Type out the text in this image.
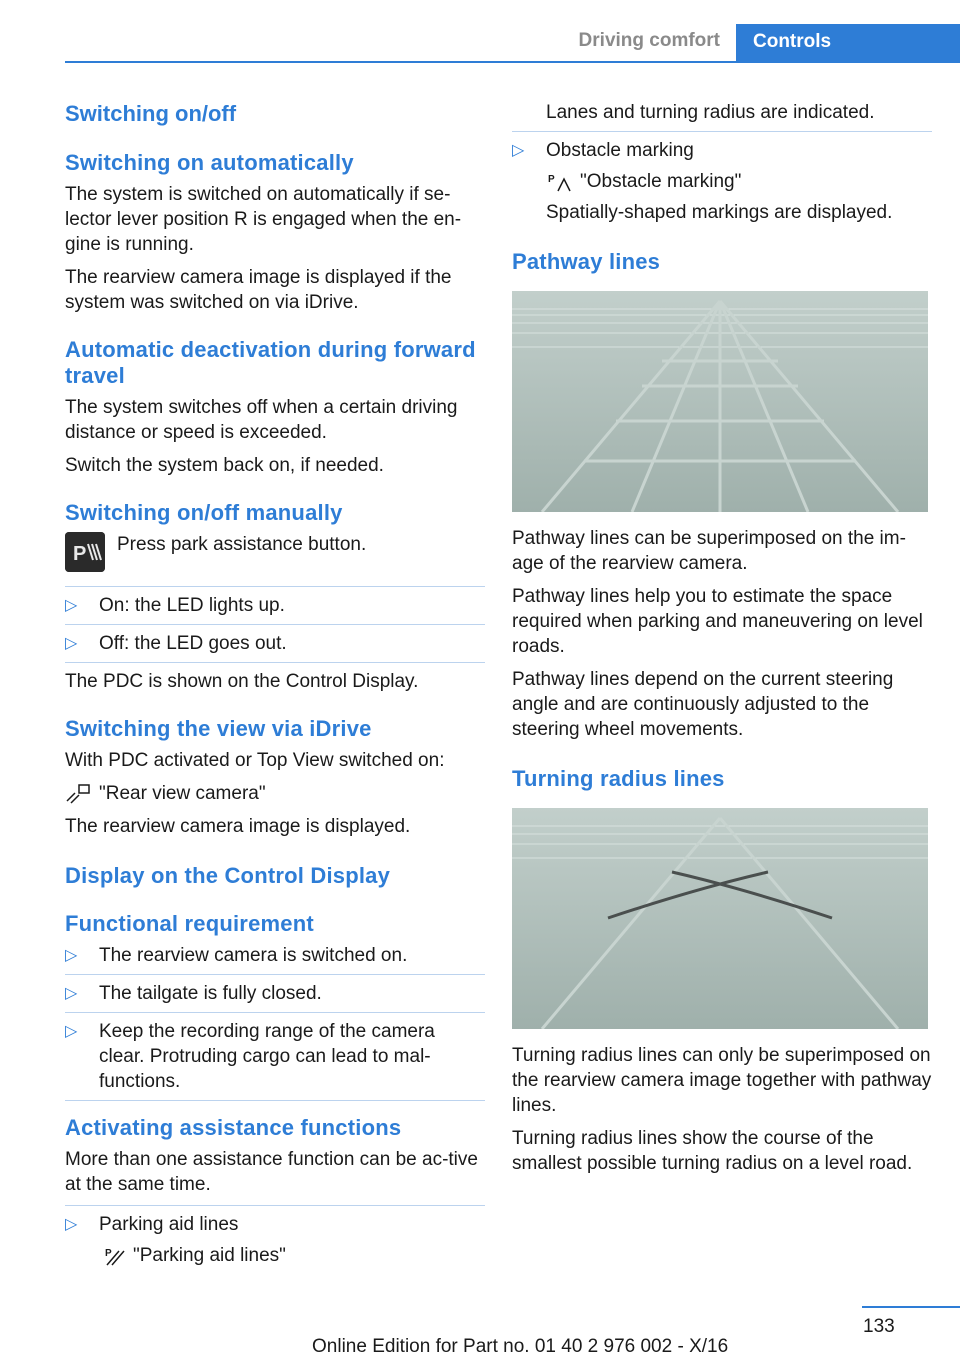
Driving comfort	Controls
Switching on/off
Switching on automatically
The system is switched on automatically if se-
lector lever position R is engaged when the en-
gine is running.
The rearview camera image is displayed if the system was switched on via iDrive.
Automatic deactivation during forward travel
The system switches off when a certain driving distance or speed is exceeded.
Switch the system back on, if needed.
Switching on/off manually
P Press park assistance button.
▷ On: the LED lights up.
▷ Off: the LED goes out.
The PDC is shown on the Control Display.
Switching the view via iDrive
With PDC activated or Top View switched on:
"Rear view camera"
The rearview camera image is displayed.
Display on the Control Display
Functional requirement
▷ The rearview camera is switched on.
▷ The tailgate is fully closed.
▷ Keep the recording range of the camera clear. Protruding cargo can lead to mal-functions.
Activating assistance functions
More than one assistance function can be ac-tive at the same time.
▷ Parking aid lines
P "Parking aid lines"
Lanes and turning radius are indicated.
▷ Obstacle marking
P "Obstacle marking"
Spatially-shaped markings are displayed.
Pathway lines
Pathway lines can be superimposed on the im-age of the rearview camera.
Pathway lines help you to estimate the space required when parking and maneuvering on level roads.
Pathway lines depend on the current steering angle and are continuously adjusted to the steering wheel movements.
Turning radius lines
Turning radius lines can only be superimposed on the rearview camera image together with pathway lines.
Turning radius lines show the course of the smallest possible turning radius on a level road.
133
Online Edition for Part no. 01 40 2 976 002 - X/16
